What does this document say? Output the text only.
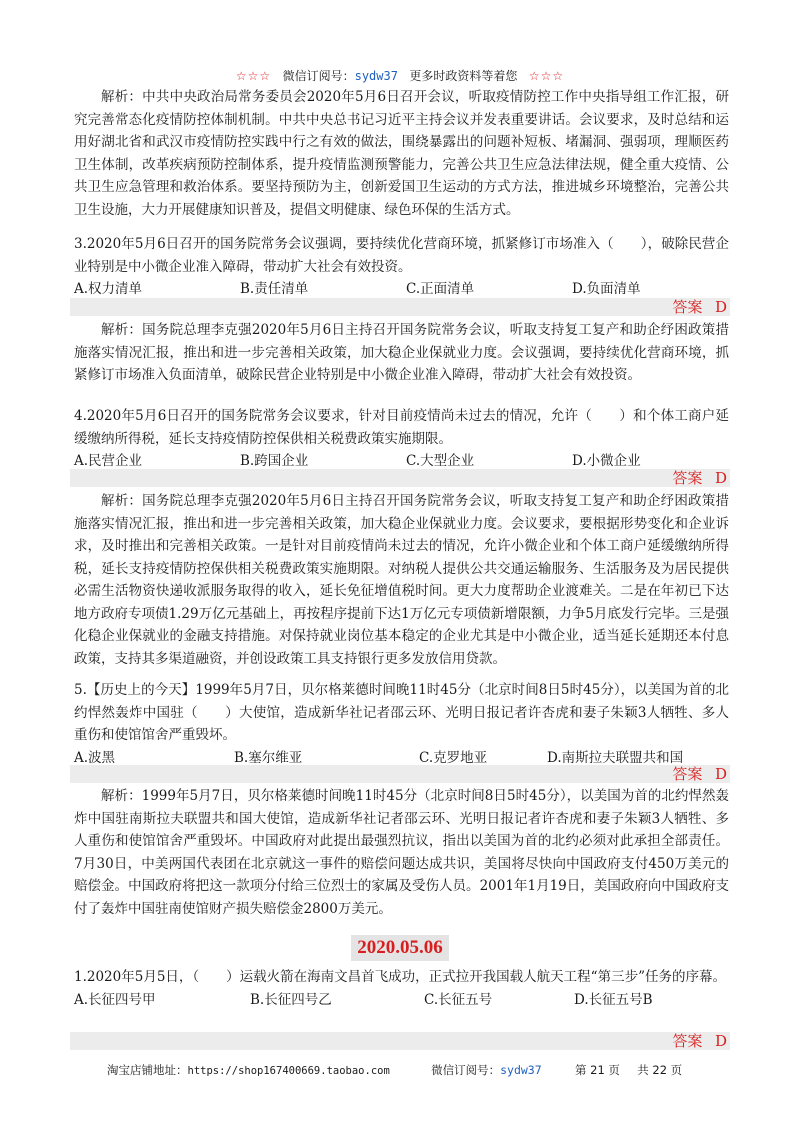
☆☆☆ 微信订阅号：sydw37 更多时政资料等着您 ☆☆☆

解析：中共中央政治局常务委员会2020年5月6日召开会议，听取疫情防控工作中央指导组工作汇报，研究完善常态化疫情防控体制机制。中共中央总书记习近平主持会议并发表重要讲话。会议要求，及时总结和运用好湖北省和武汉市疫情防控实践中行之有效的做法，围绕暴露出的问题补短板、堵漏洞、强弱项，理顺医药卫生体制，改革疾病预防控制体系，提升疫情监测预警能力，完善公共卫生应急法律法规，健全重大疫情、公共卫生应急管理和救治体系。要坚持预防为主，创新爱国卫生运动的方式方法，推进城乡环境整治，完善公共卫生设施，大力开展健康知识普及，提倡文明健康、绿色环保的生活方式。

3.2020年5月6日召开的国务院常务会议强调，要持续优化营商环境，抓紧修订市场准入（　　），破除民营企业特别是中小微企业准入障碍，带动扩大社会有效投资。

A.权力清单	B.责任清单	C.正面清单	D.负面清单
答案 D

解析：国务院总理李克强2020年5月6日主持召开国务院常务会议，听取支持复工复产和助企纾困政策措施落实情况汇报，推出和进一步完善相关政策，加大稳企业保就业力度。会议强调，要持续优化营商环境，抓紧修订市场准入负面清单，破除民营企业特别是中小微企业准入障碍，带动扩大社会有效投资。

4.2020年5月6日召开的国务院常务会议要求，针对目前疫情尚未过去的情况，允许（　　）和个体工商户延缓缴纳所得税，延长支持疫情防控保供相关税费政策实施期限。

A.民营企业	B.跨国企业	C.大型企业	D.小微企业
答案 D

解析：国务院总理李克强2020年5月6日主持召开国务院常务会议，听取支持复工复产和助企纾困政策措施落实情况汇报，推出和进一步完善相关政策，加大稳企业保就业力度。会议要求，要根据形势变化和企业诉求，及时推出和完善相关政策。一是针对目前疫情尚未过去的情况，允许小微企业和个体工商户延缓缴纳所得税，延长支持疫情防控保供相关税费政策实施期限。对纳税人提供公共交通运输服务、生活服务及为居民提供必需生活物资快递收派服务取得的收入，延长免征增值税时间。更大力度帮助企业渡难关。二是在年初已下达地方政府专项债1.29万亿元基础上，再按程序提前下达1万亿元专项债新增限额，力争5月底发行完毕。三是强化稳企业保就业的金融支持措施。对保持就业岗位基本稳定的企业尤其是中小微企业，适当延长延期还本付息政策，支持其多渠道融资，并创设政策工具支持银行更多发放信用贷款。

5.【历史上的今天】1999年5月7日，贝尔格莱德时间晚11时45分（北京时间8日5时45分），以美国为首的北约悍然轰炸中国驻（　　）大使馆，造成新华社记者邵云环、光明日报记者许杏虎和妻子朱颖3人牺牲、多人重伤和使馆馆舍严重毁坏。

A.波黑	B.塞尔维亚	C.克罗地亚	D.南斯拉夫联盟共和国
答案 D

解析：1999年5月7日，贝尔格莱德时间晚11时45分（北京时间8日5时45分），以美国为首的北约悍然轰炸中国驻南斯拉夫联盟共和国大使馆，造成新华社记者邵云环、光明日报记者许杏虎和妻子朱颖3人牺牲、多人重伤和使馆馆舍严重毁坏。中国政府对此提出最强烈抗议，指出以美国为首的北约必须对此承担全部责任。7月30日，中美两国代表团在北京就这一事件的赔偿问题达成共识，美国将尽快向中国政府支付450万美元的赔偿金。中国政府将把这一款项分付给三位烈士的家属及受伤人员。2001年1月19日，美国政府向中国政府支付了轰炸中国驻南使馆财产损失赔偿金2800万美元。

2020.05.06

1.2020年5月5日，（　　）运载火箭在海南文昌首飞成功，正式拉开我国载人航天工程“第三步”任务的序幕。

A.长征四号甲	B.长征四号乙	C.长征五号	D.长征五号B
答案 D
淘宝店铺地址：https://shop167400669.taobao.com	微信订阅号：sydw37	第 21 页 共 22 页
